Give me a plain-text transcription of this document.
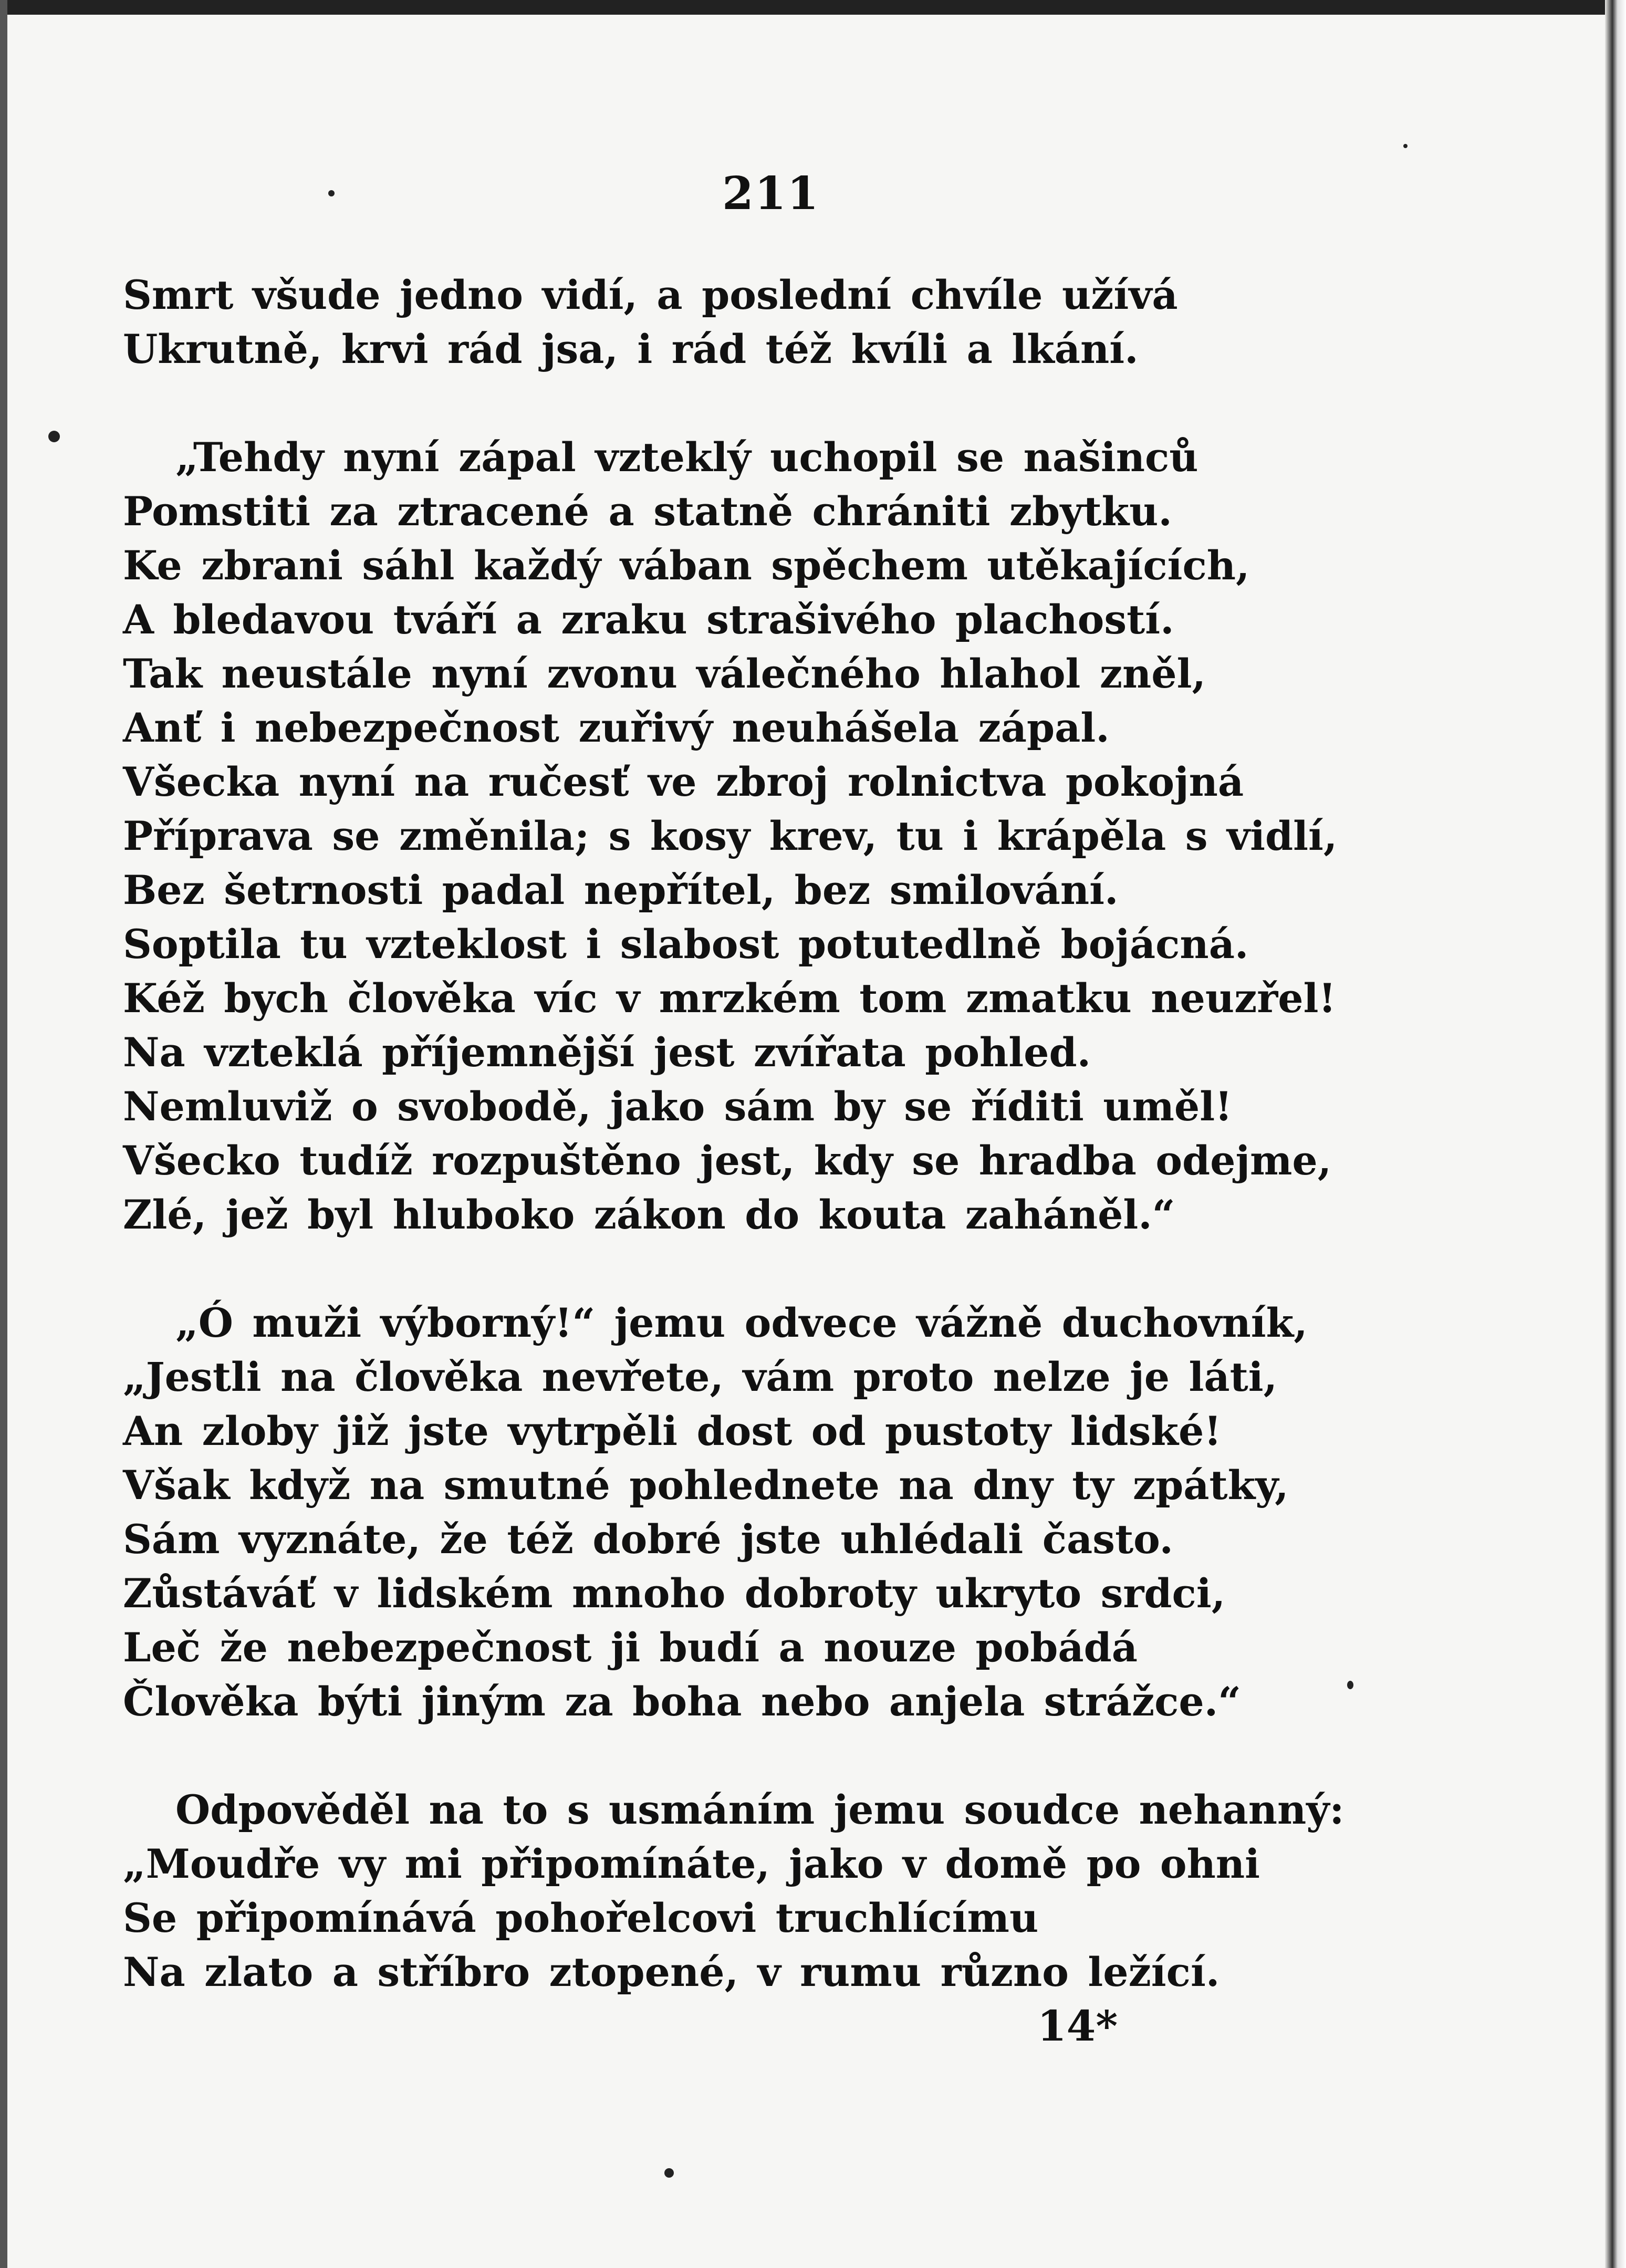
211
Smrt všude jedno vidí, a poslední chvíle užívá
Ukrutně, krvi rád jsa, i rád též kvíli a lkání.
„Tehdy nyní zápal vzteklý uchopil se našinců
Pomstiti za ztracené a statně chrániti zbytku.
Ke zbrani sáhl každý vában spěchem utěkajících,
A bledavou tváří a zraku strašivého plachostí.
Tak neustále nyní zvonu válečného hlahol zněl,
Anť i nebezpečnost zuřivý neuhášela zápal.
Všecka nyní na ručesť ve zbroj rolnictva pokojná
Příprava se změnila; s kosy krev, tu i krápěla s vidlí,
Bez šetrnosti padal nepřítel, bez smilování.
Soptila tu vzteklost i slabost potutedlně bojácná.
Kéž bych člověka víc v mrzkém tom zmatku neuzřel!
Na vzteklá příjemnější jest zvířata pohled.
Nemluviž o svobodě, jako sám by se říditi uměl!
Všecko tudíž rozpuštěno jest, kdy se hradba odejme,
Zlé, jež byl hluboko zákon do kouta zaháněl.“
„Ó muži výborný!“ jemu odvece vážně duchovník,
„Jestli na člověka nevřete, vám proto nelze je láti,
An zloby již jste vytrpěli dost od pustoty lidské!
Však když na smutné pohlednete na dny ty zpátky,
Sám vyznáte, že též dobré jste uhlédali často.
Zůstáváť v lidském mnoho dobroty ukryto srdci,
Leč že nebezpečnost ji budí a nouze pobádá
Člověka býti jiným za boha nebo anjela strážce.“
Odpověděl na to s usmáním jemu soudce nehanný:
„Moudře vy mi připomínáte, jako v domě po ohni
Se připomínává pohořelcovi truchlícímu
Na zlato a stříbro ztopené, v rumu různo ležící.
14*
